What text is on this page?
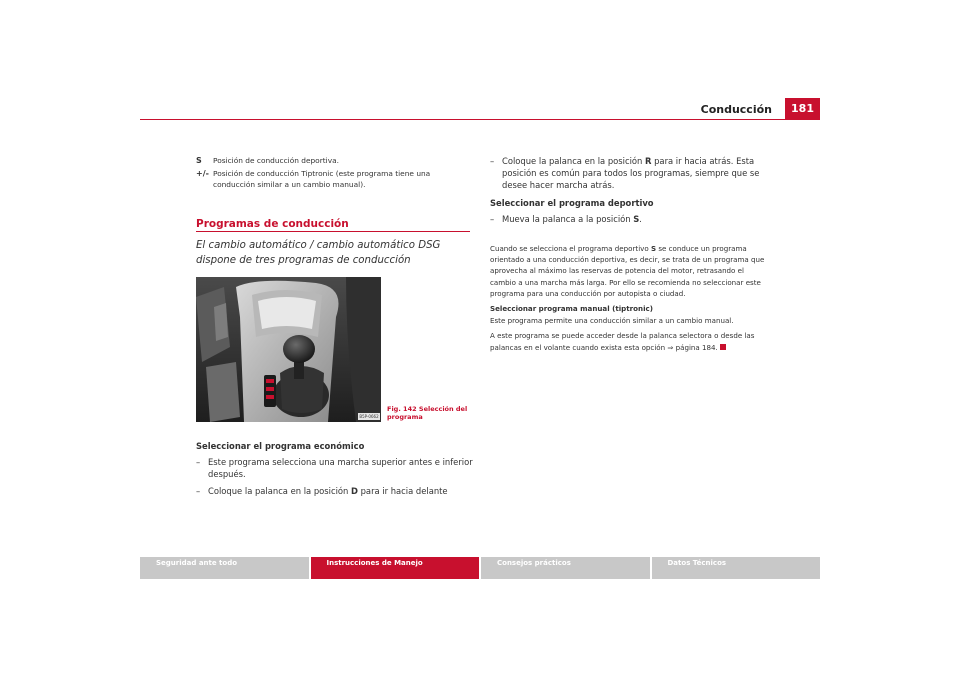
Conducción	181
S	Posición de conducción deportiva.
+/- Posición de conducción Tiptronic (este programa tiene una conducción similar a un cambio manual).
Programas de conducción
El cambio automático / cambio automático DSG dispone de tres programas de conducción
B5P-0662
Fig. 142 Selección del programa
Seleccionar el programa económico
– Este programa selecciona una marcha superior antes e inferior después.
– Coloque la palanca en la posición D para ir hacia delante
– Coloque la palanca en la posición R para ir hacia atrás. Esta posición es común para todos los programas, siempre que se desee hacer marcha atrás.
Seleccionar el programa deportivo
– Mueva la palanca a la posición S.

Cuando se selecciona el programa deportivo S se conduce un programa orientado a una conducción deportiva, es decir, se trata de un programa que aprovecha al máximo las reservas de potencia del motor, retrasando el cambio a una marcha más larga. Por ello se recomienda no seleccionar este programa para una conducción por autopista o ciudad.

Seleccionar programa manual (tiptronic)

Este programa permite una conducción similar a un cambio manual.

A este programa se puede acceder desde la palanca selectora o desde las palancas en el volante cuando exista esta opción ⇒ página 184.

Seguridad ante todo	Instrucciones de Manejo	Consejos prácticos	Datos Técnicos
